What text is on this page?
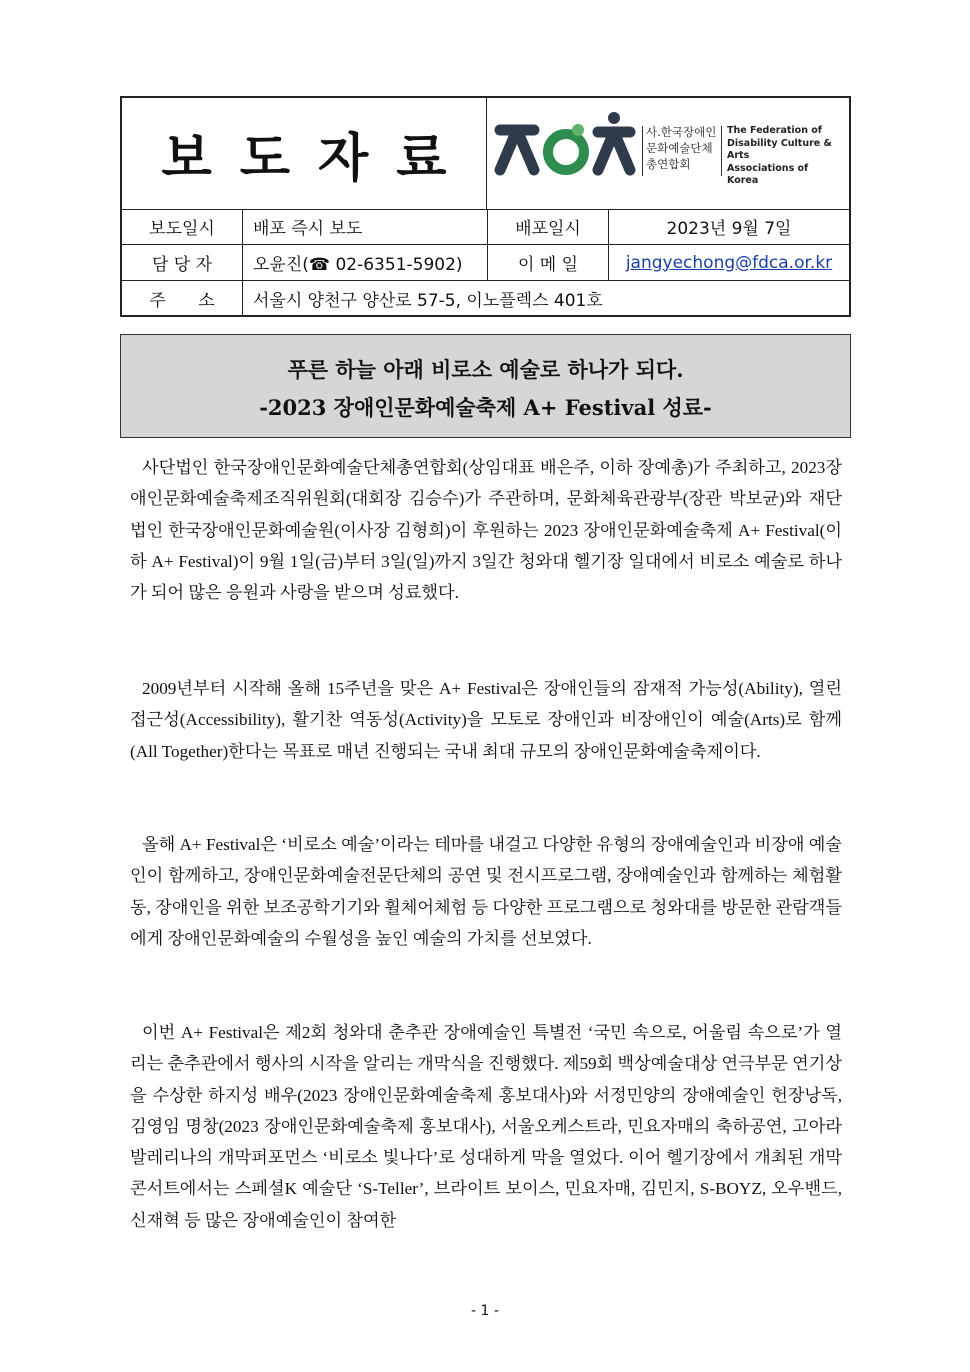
보도자료	사.한국장애인
문화예술단체
총연합회
The Federation of
Disability Culture & Arts
Associations of
Korea
보도일시	배포 즉시 보도	배포일시	2023년 9월 7일
담 당 자	오윤진(☎ 02-6351-5902)	이 메 일	jangyechong@fdca.or.kr
주      소	서울시 양천구 양산로 57-5, 이노플렉스 401호
푸른 하늘 아래 비로소 예술로 하나가 되다.
-2023 장애인문화예술축제 A+ Festival 성료-
사단법인 한국장애인문화예술단체총연합회(상임대표 배은주, 이하 장예총)가 주최하고, 2023장애인문화예술축제조직위원회(대회장 김승수)가 주관하며, 문화체육관광부(장관 박보균)와 재단법인 한국장애인문화예술원(이사장 김형희)이 후원하는 2023 장애인문화예술축제 A+ Festival(이하 A+ Festival)이 9월 1일(금)부터 3일(일)까지 3일간 청와대 헬기장 일대에서 비로소 예술로 하나가 되어 많은 응원과 사랑을 받으며 성료했다.
2009년부터 시작해 올해 15주년을 맞은 A+ Festival은 장애인들의 잠재적 가능성(Ability), 열린 접근성(Accessibility), 활기찬 역동성(Activity)을 모토로 장애인과 비장애인이 예술(Arts)로 함께(All Together)한다는 목표로 매년 진행되는 국내 최대 규모의 장애인문화예술축제이다.
올해 A+ Festival은 ‘비로소 예술’이라는 테마를 내걸고 다양한 유형의 장애예술인과 비장애 예술인이 함께하고, 장애인문화예술전문단체의 공연 및 전시프로그램, 장애예술인과 함께하는 체험활동, 장애인을 위한 보조공학기기와 휠체어체험 등 다양한 프로그램으로 청와대를 방문한 관람객들에게 장애인문화예술의 수월성을 높인 예술의 가치를 선보였다.
이번 A+ Festival은 제2회 청와대 춘추관 장애예술인 특별전 ‘국민 속으로, 어울림 속으로’가 열리는 춘추관에서 행사의 시작을 알리는 개막식을 진행했다. 제59회 백상예술대상 연극부문 연기상을 수상한 하지성 배우(2023 장애인문화예술축제 홍보대사)와 서정민양의 장애예술인 헌장낭독, 김영임 명창(2023 장애인문화예술축제 홍보대사), 서울오케스트라, 민요자매의 축하공연, 고아라 발레리나의 개막퍼포먼스 ‘비로소 빛나다’로 성대하게 막을 열었다. 이어 헬기장에서 개최된 개막콘서트에서는 스페셜K 예술단 ‘S-Teller’, 브라이트 보이스, 민요자매, 김민지, S-BOYZ, 오우밴드, 신재혁 등 많은 장애예술인이 참여한
- 1 -
